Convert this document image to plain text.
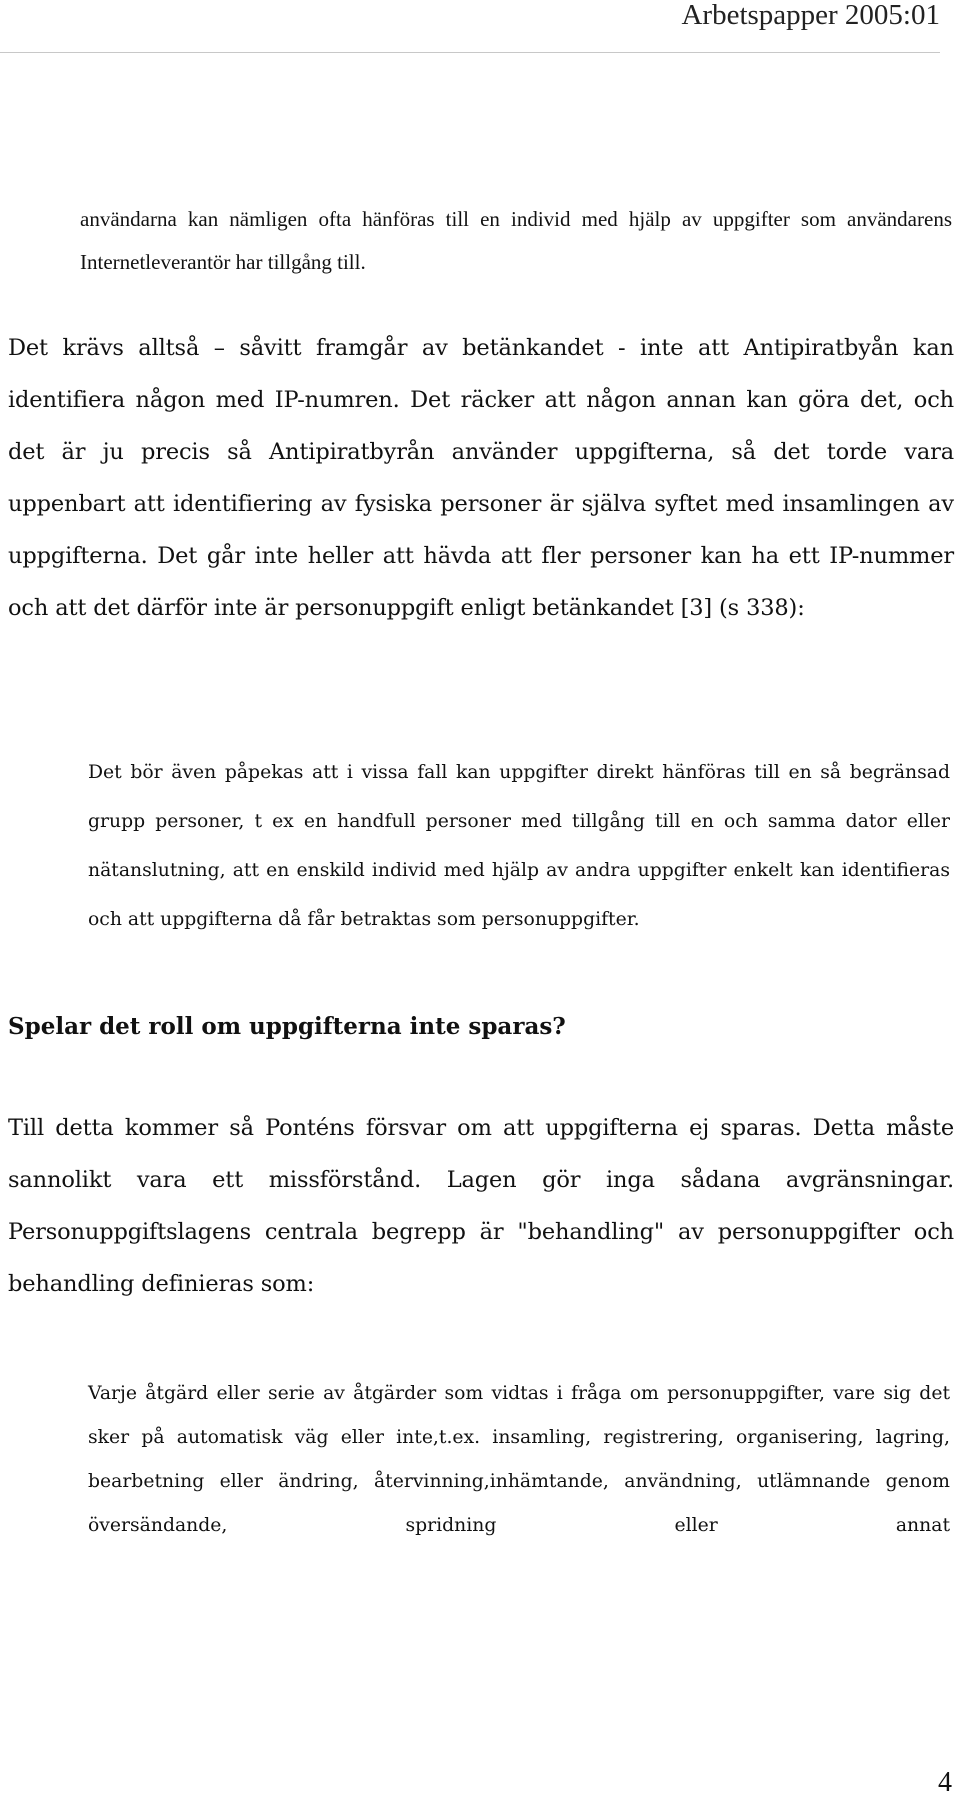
Arbetspapper 2005:01

användarna kan nämligen ofta hänföras till en individ med hjälp av uppgifter som användarens Internetleverantör har tillgång till.

Det krävs alltså – såvitt framgår av betänkandet - inte att Antipiratbyån kan identifiera någon med IP-numren. Det räcker att någon annan kan göra det, och det är ju precis så Antipiratbyrån använder uppgifterna, så det torde vara uppenbart att identifiering av fysiska personer är själva syftet med insamlingen av uppgifterna. Det går inte heller att hävda att fler personer kan ha ett IP-nummer och att det därför inte är personuppgift enligt betänkandet [3] (s 338):

Det bör även påpekas att i vissa fall kan uppgifter direkt hänföras till en så begränsad grupp personer, t ex en handfull personer med tillgång till en och samma dator eller nätanslutning, att en enskild individ med hjälp av andra uppgifter enkelt kan identifieras och att uppgifterna då får betraktas som personuppgifter.
Spelar det roll om uppgifterna inte sparas?

Till detta kommer så Ponténs försvar om att uppgifterna ej sparas. Detta måste sannolikt vara ett missförstånd. Lagen gör inga sådana avgränsningar. Personuppgiftslagens centrala begrepp är "behandling" av personuppgifter och behandling definieras som:

Varje åtgärd eller serie av åtgärder som vidtas i fråga om personuppgifter, vare sig det sker på automatisk väg eller inte,t.ex. insamling, registrering, organisering, lagring, bearbetning eller ändring, återvinning,inhämtande, användning, utlämnande genom översändande, spridning eller annat
4
